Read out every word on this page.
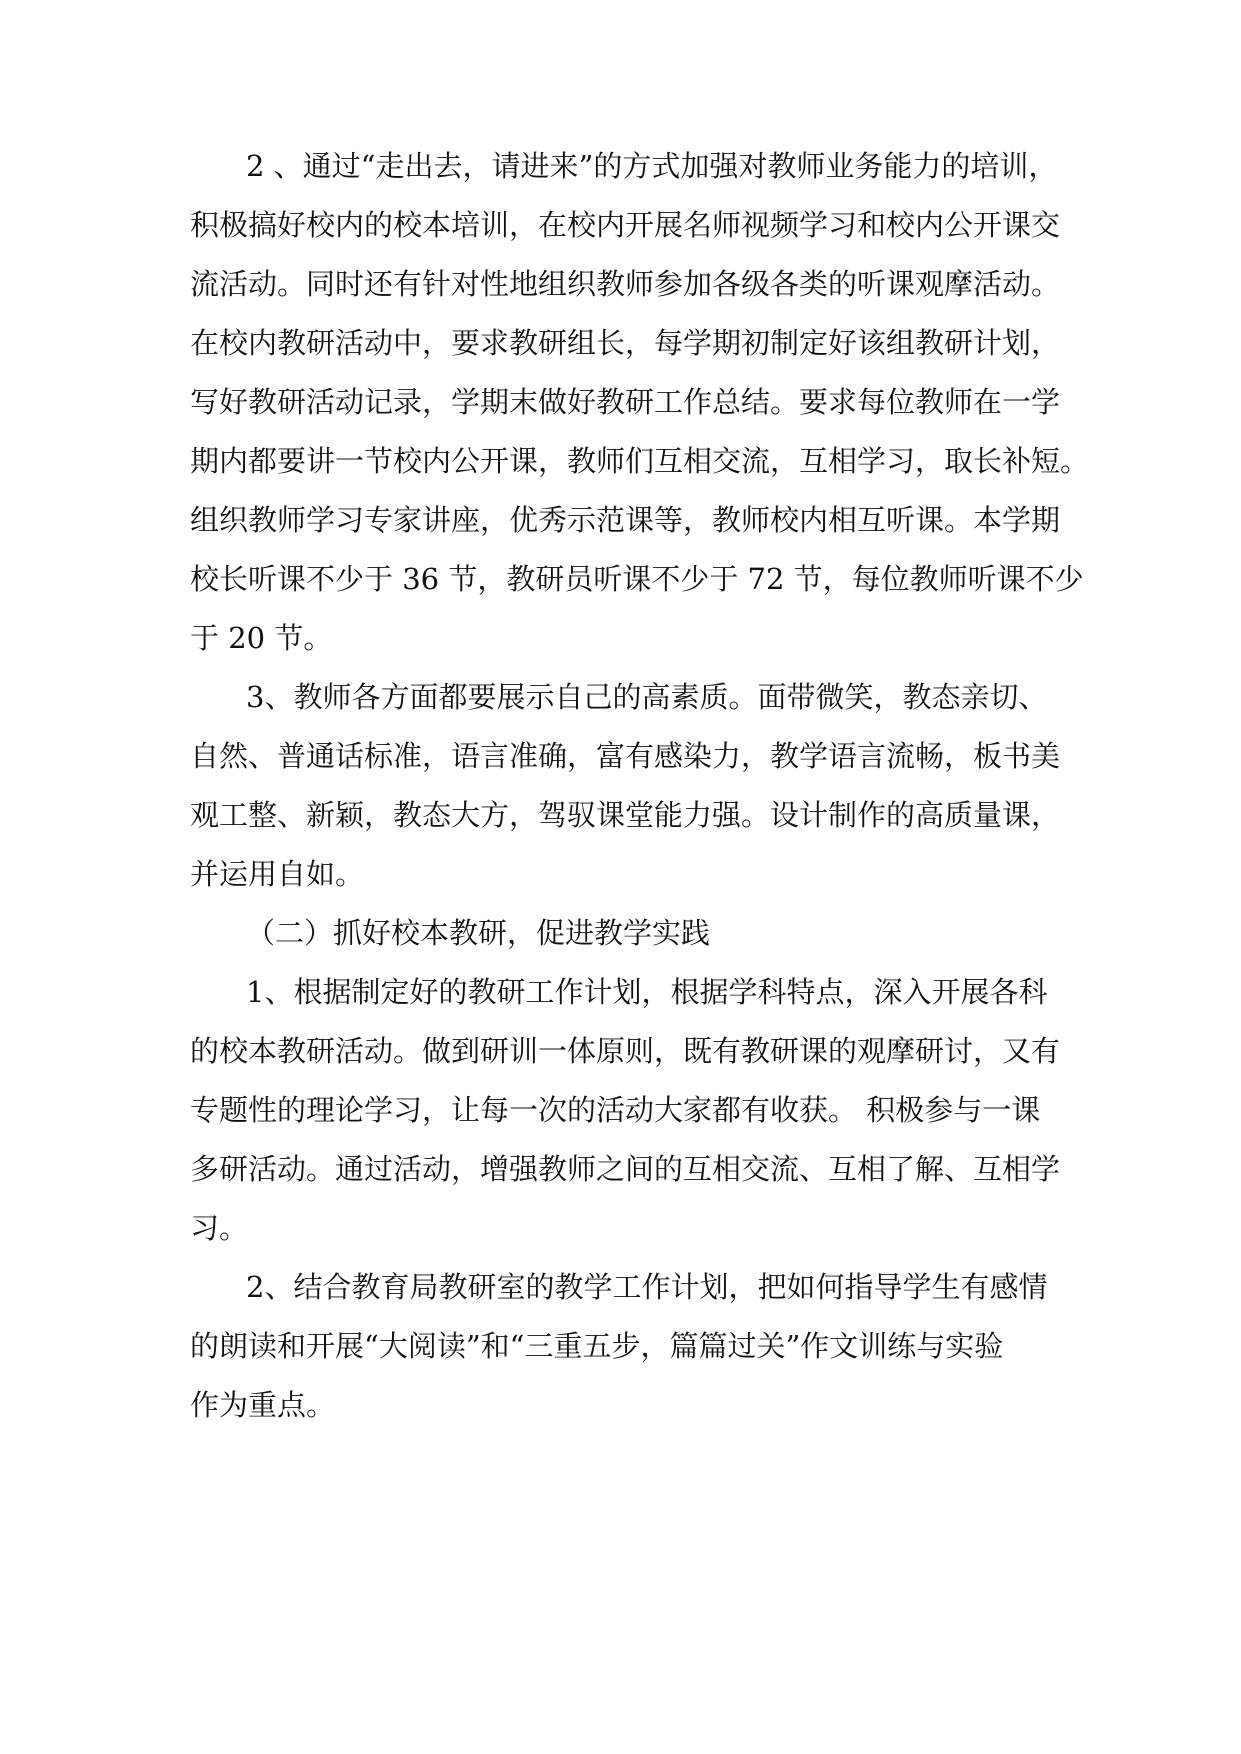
2 、通过“走出去，请进来”的方式加强对教师业务能力的培训，
积极搞好校内的校本培训，在校内开展名师视频学习和校内公开课交
流活动。同时还有针对性地组织教师参加各级各类的听课观摩活动。
在校内教研活动中，要求教研组长，每学期初制定好该组教研计划，
写好教研活动记录，学期末做好教研工作总结。要求每位教师在一学
期内都要讲一节校内公开课，教师们互相交流，互相学习，取长补短。
组织教师学习专家讲座，优秀示范课等，教师校内相互听课。本学期
校长听课不少于 36 节，教研员听课不少于 72 节，每位教师听课不少
于 20 节。
3、教师各方面都要展示自己的高素质。面带微笑，教态亲切、
自然、普通话标准，语言准确，富有感染力，教学语言流畅，板书美
观工整、新颖，教态大方，驾驭课堂能力强。设计制作的高质量课，
并运用自如。
（二）抓好校本教研，促进教学实践
1、根据制定好的教研工作计划，根据学科特点，深入开展各科
的校本教研活动。做到研训一体原则，既有教研课的观摩研讨，又有
专题性的理论学习，让每一次的活动大家都有收获。 积极参与一课
多研活动。通过活动，增强教师之间的互相交流、互相了解、互相学
习。
2、结合教育局教研室的教学工作计划，把如何指导学生有感情
的朗读和开展“大阅读”和“三重五步，篇篇过关”作文训练与实验
作为重点。
